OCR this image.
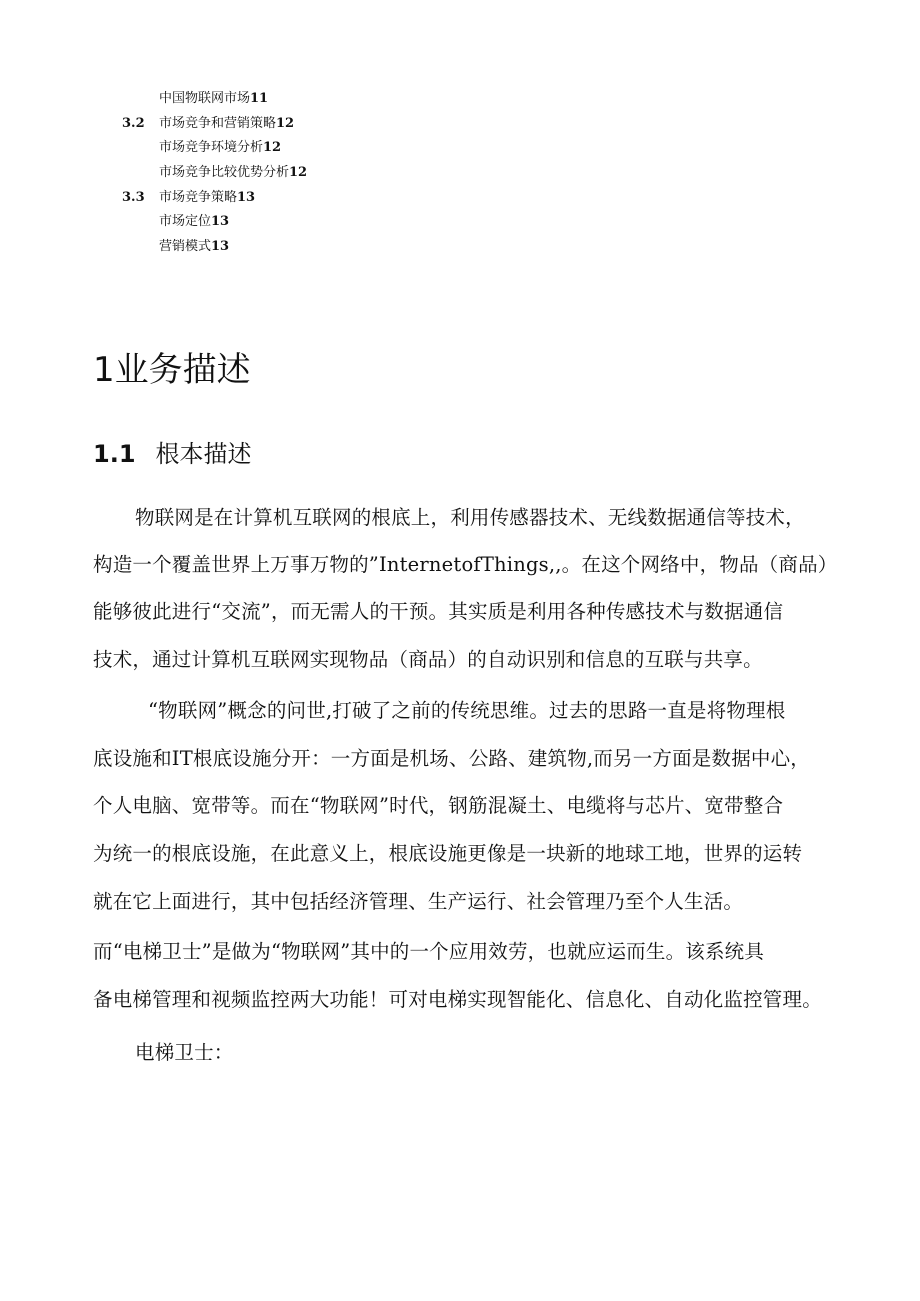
中国物联网市场11
3.2 市场竞争和营销策略12
市场竞争环境分析12
市场竞争比较优势分析12
3.3 市场竞争策略13
市场定位13
营销模式13
1业务描述
1.1 根本描述
物联网是在计算机互联网的根底上，利用传感器技术、无线数据通信等技术，
构造一个覆盖世界上万事万物的”InternetofThings,,。在这个网络中，物品（商品）
能够彼此进行“交流”，而无需人的干预。其实质是利用各种传感技术与数据通信
技术，通过计算机互联网实现物品（商品）的自动识别和信息的互联与共享。
“物联网”概念的问世,打破了之前的传统思维。过去的思路一直是将物理根
底设施和IT根底设施分开：一方面是机场、公路、建筑物,而另一方面是数据中心，
个人电脑、宽带等。而在“物联网”时代，钢筋混凝土、电缆将与芯片、宽带整合
为统一的根底设施，在此意义上，根底设施更像是一块新的地球工地，世界的运转
就在它上面进行，其中包括经济管理、生产运行、社会管理乃至个人生活。
而“电梯卫士”是做为“物联网”其中的一个应用效劳，也就应运而生。该系统具
备电梯管理和视频监控两大功能！可对电梯实现智能化、信息化、自动化监控管理。
电梯卫士：
